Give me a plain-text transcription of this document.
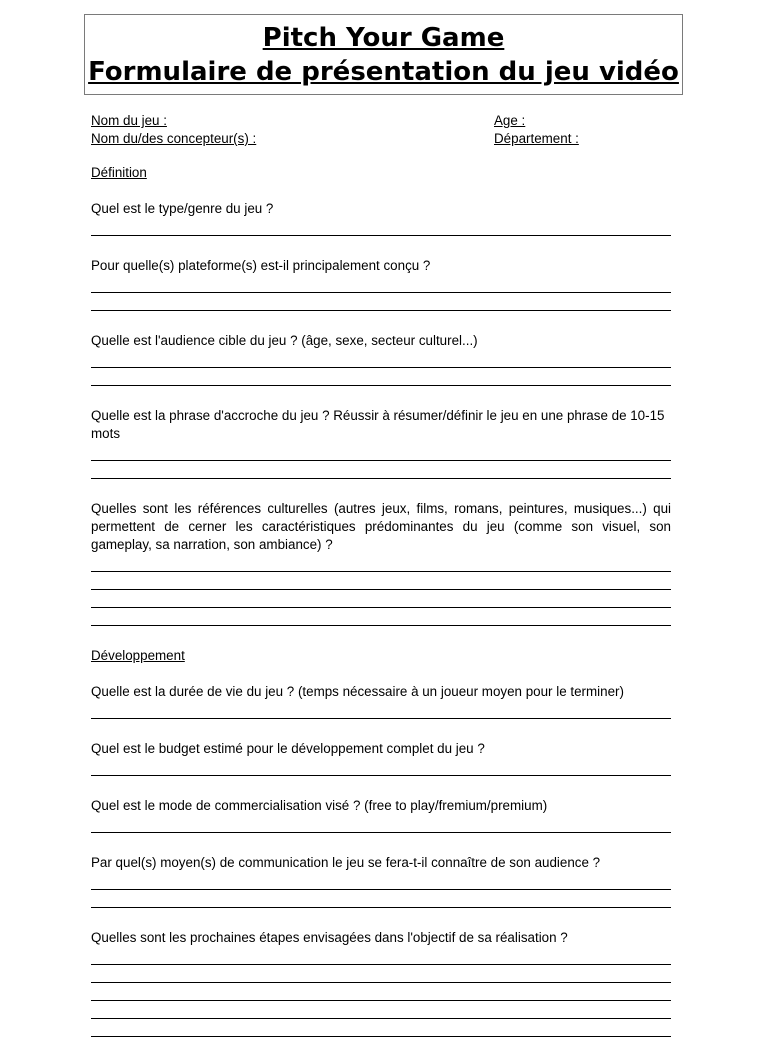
Pitch Your Game
Formulaire de présentation du jeu vidéo
Nom du jeu :
Nom du/des concepteur(s) :
Age :
Département :
Définition
Quel est le type/genre du jeu ?
Pour quelle(s) plateforme(s) est-il principalement conçu ?
Quelle est l'audience cible du jeu ? (âge, sexe, secteur culturel...)
Quelle est la phrase d'accroche du jeu ? Réussir à résumer/définir le jeu en une phrase de 10-15 mots
Quelles sont les références culturelles (autres jeux, films, romans, peintures, musiques...) qui permettent de cerner les caractéristiques prédominantes du jeu (comme son visuel, son gameplay, sa narration, son ambiance) ?
Développement
Quelle est la durée de vie du jeu ? (temps nécessaire à un joueur moyen pour le terminer)
Quel est le budget estimé pour le développement complet du jeu ?
Quel est le mode de commercialisation visé ? (free to play/fremium/premium)
Par quel(s) moyen(s) de communication le jeu se fera-t-il connaître de son audience ?
Quelles sont les prochaines étapes envisagées dans l'objectif de sa réalisation ?
